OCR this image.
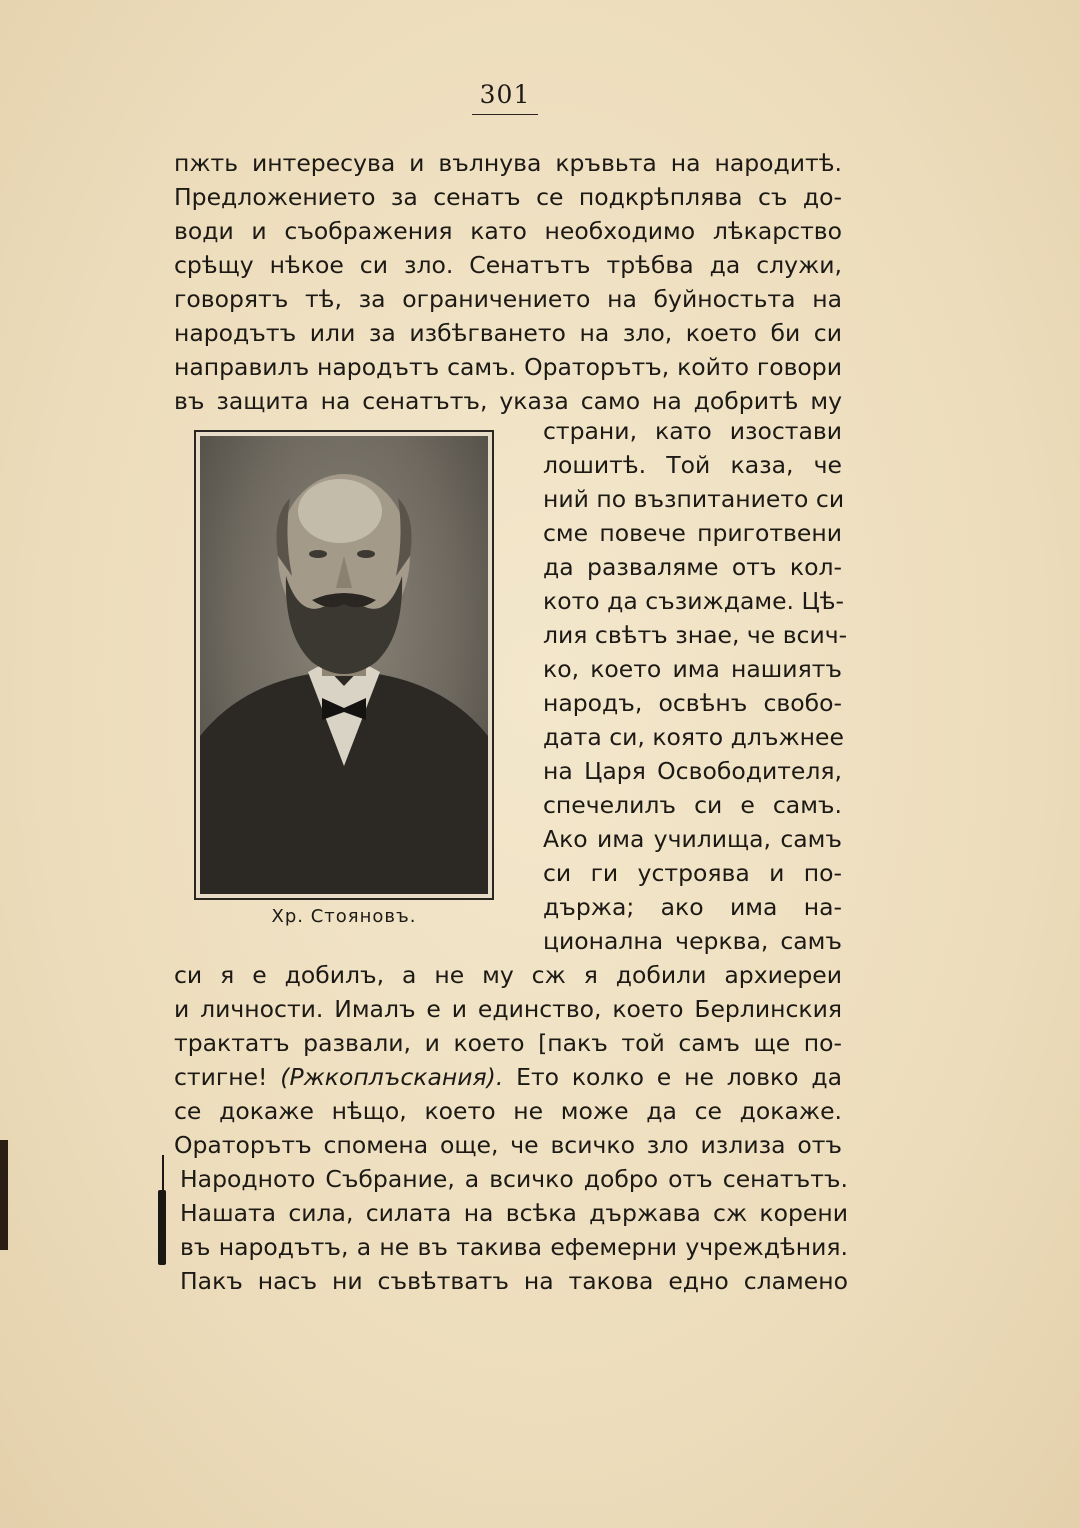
301
пжть интересува и вълнува кръвьта на народитѣ.
Предложението за сенатъ се подкрѣплява съ до-
води и съображения като необходимо лѣкарство
срѣщу нѣкое си зло. Сенатътъ трѣбва да служи,
говорятъ тѣ, за ограничението на буйностьта на
народътъ или за избѣгването на зло, което би си
направилъ народътъ самъ. Ораторътъ, който говори
въ защита на сенатътъ, указа само на добритѣ му
Хр. Стояновъ.
страни, като изостави
лошитѣ. Той каза, че
ний по възпитанието си
сме повече приготвени
да разваляме отъ кол-
кото да съзиждаме. Цѣ-
лия свѣтъ знае, че всич-
ко, което има нашиятъ
народъ, освѣнъ свобо-
дата си, която длъжнее
на Царя Освободителя,
спечелилъ си е самъ.
Ако има училища, самъ
си ги устроява и по-
държа; ако има на-
ционална черква, самъ
си я е добилъ, а не му сж я добили архиереи
и личности. Ималъ е и единство, което Берлинския
трактатъ развали, и което [пакъ той самъ ще по-
стигне! (Ржкоплъскания). Ето колко е не ловко да
се докаже нѣщо, което не може да се докаже.
Ораторътъ спомена още, че всичко зло излиза отъ
Народното Събрание, а всичко добро отъ сенатътъ.
Нашата сила, силата на всѣка държава сж корени
въ народътъ, а не въ такива ефемерни учреждѣния.
Пакъ насъ ни съвѣтватъ на такова едно сламено
